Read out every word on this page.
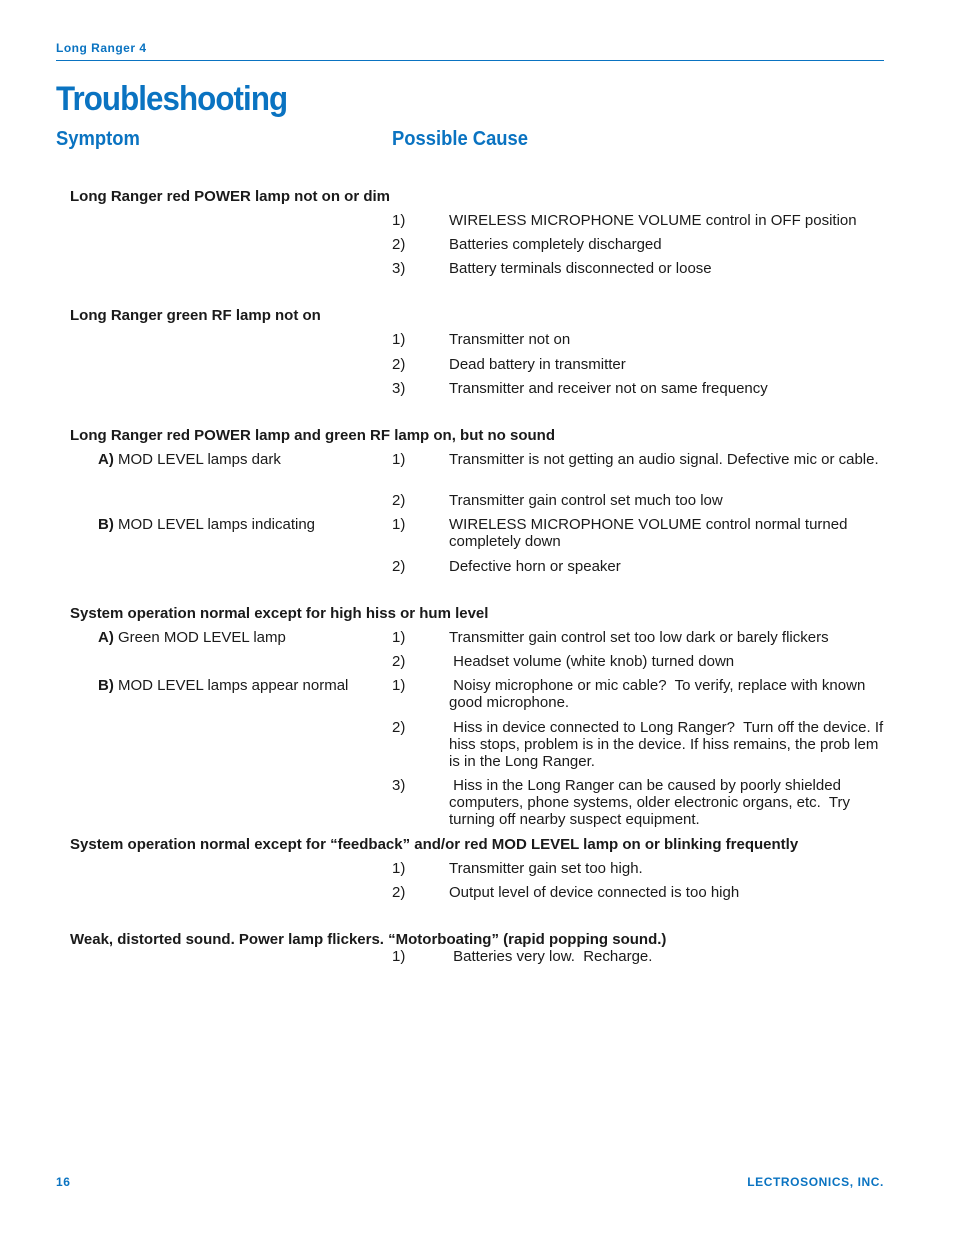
Long Ranger 4
Troubleshooting
Symptom	Possible Cause
Long Ranger red POWER lamp not on or dim
1)	WIRELESS MICROPHONE VOLUME control in OFF position
2)	Batteries completely discharged
3)	Battery terminals disconnected or loose
Long Ranger green RF lamp not on
1)	Transmitter not on
2)	Dead battery in transmitter
3)	Transmitter and receiver not on same frequency
Long Ranger red POWER lamp and green RF lamp on, but no sound
A) MOD LEVEL lamps dark	1)	Transmitter is not getting an audio signal. Defective mic or cable.
2)	Transmitter gain control set much too low
B) MOD LEVEL lamps indicating	1)	WIRELESS MICROPHONE VOLUME control normal turned completely down
2)	Defective horn or speaker
System operation normal except for high hiss or hum level
A) Green MOD LEVEL lamp	1)	Transmitter gain control set too low dark or barely flickers
2)	Headset volume (white knob) turned down
B) MOD LEVEL lamps appear normal	1)	Noisy microphone or mic cable?  To verify, replace with known good microphone.
2)	Hiss in device connected to Long Ranger?  Turn off the device. If hiss stops, problem is in the device. If hiss remains, the prob lem is in the Long Ranger.
3)	Hiss in the Long Ranger can be caused by poorly shielded computers, phone systems, older electronic organs, etc.  Try turning off nearby suspect equipment.
System operation normal except for “feedback” and/or red MOD LEVEL lamp on or blinking frequently
1)	Transmitter gain set too high.
2)	Output level of device connected is too high
Weak, distorted sound. Power lamp flickers. “Motorboating” (rapid popping sound.)
1)	Batteries very low.  Recharge.
16	LECTROSONICS, INC.
